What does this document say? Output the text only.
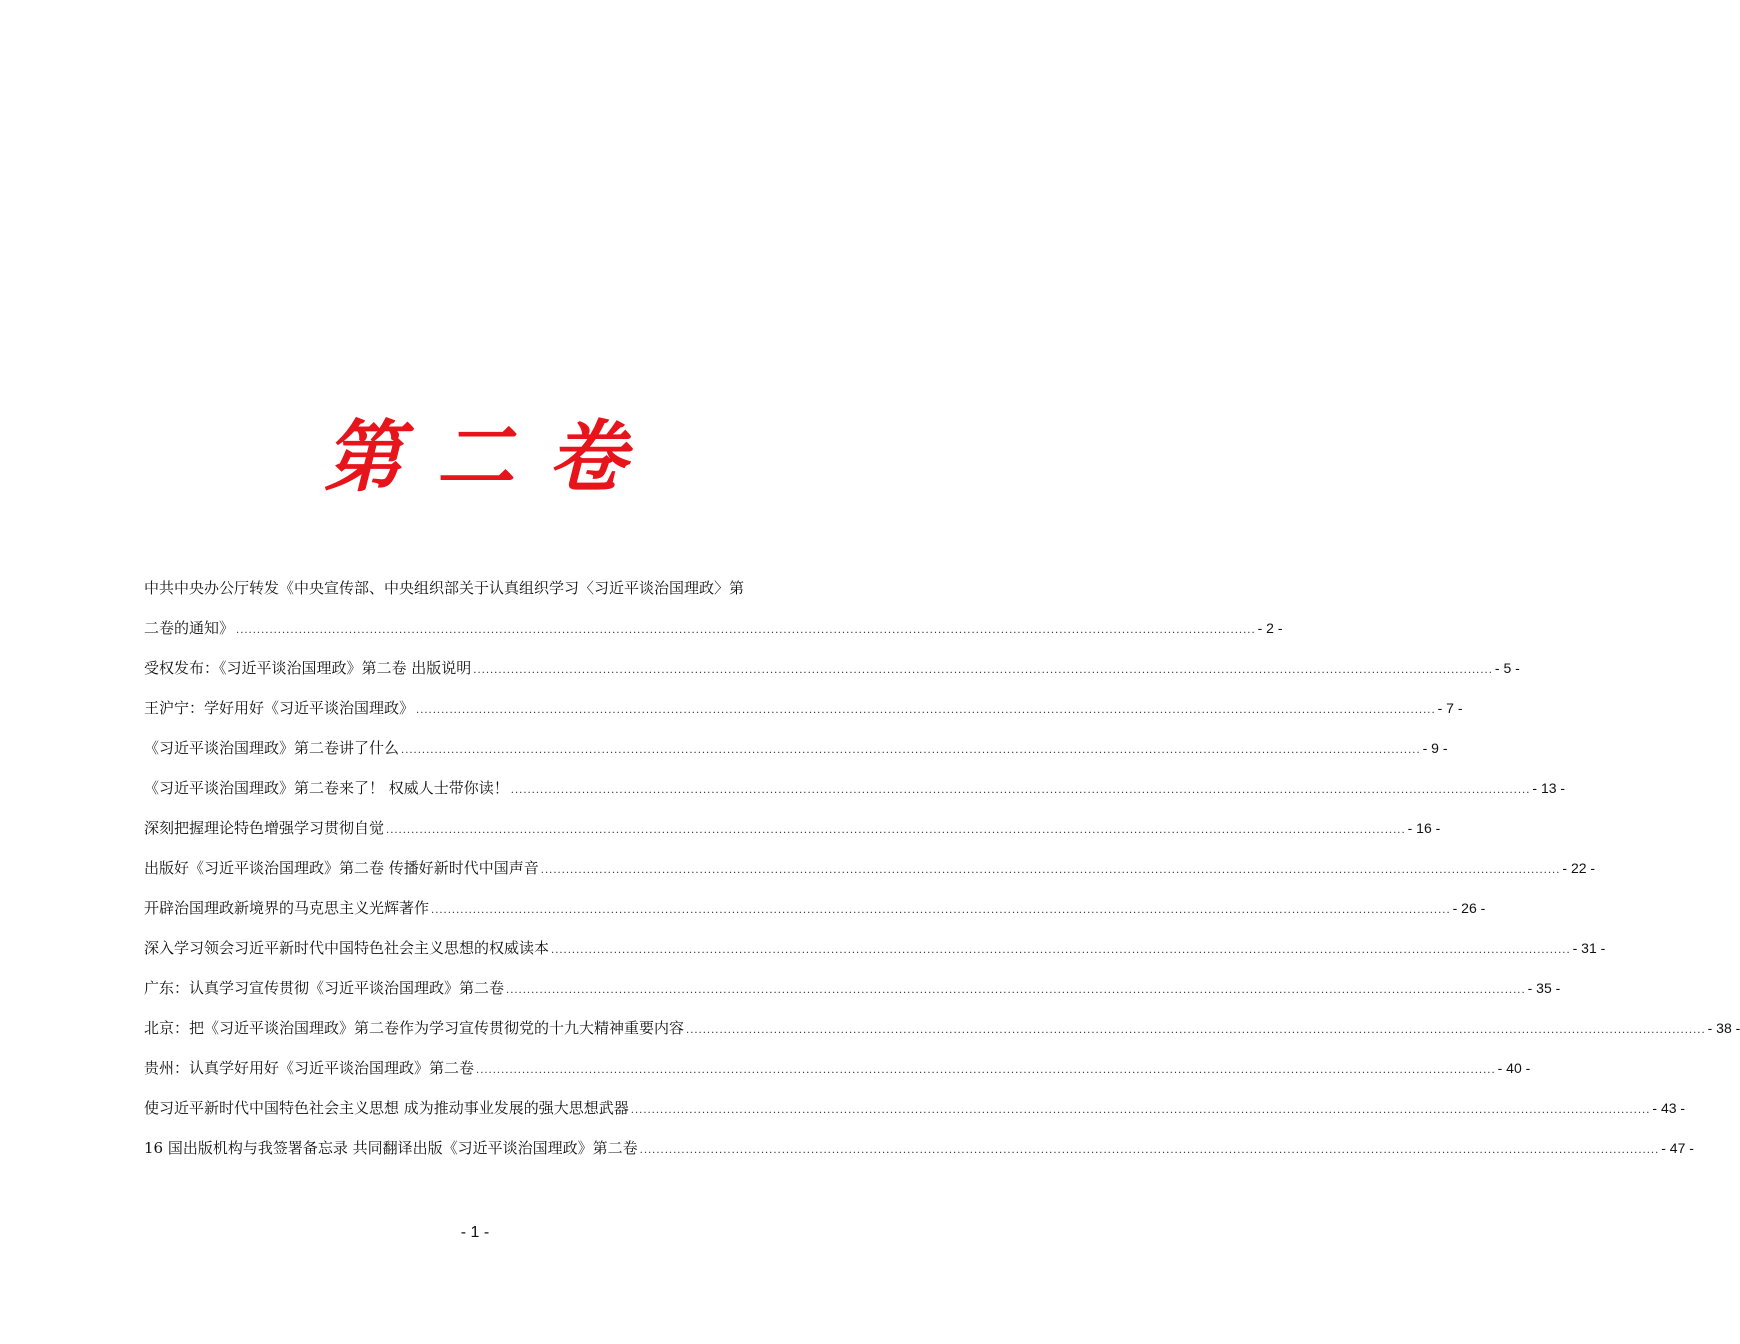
第二卷
中共中央办公厅转发《中央宣传部、中央组织部关于认真组织学习〈习近平谈治国理政〉第
二卷的通知》 .....	- 2 -
受权发布：《习近平谈治国理政》第二卷 出版说明 .....	- 5 -
王沪宁：学好用好《习近平谈治国理政》 .....	- 7 -
《习近平谈治国理政》第二卷讲了什么 .....	- 9 -
《习近平谈治国理政》第二卷来了！ 权威人士带你读！ .....	- 13 -
深刻把握理论特色增强学习贯彻自觉 .....	- 16 -
出版好《习近平谈治国理政》第二卷 传播好新时代中国声音 .....	- 22 -
开辟治国理政新境界的马克思主义光辉著作 .....	- 26 -
深入学习领会习近平新时代中国特色社会主义思想的权威读本 .....	- 31 -
广东：认真学习宣传贯彻《习近平谈治国理政》第二卷 .....	- 35 -
北京：把《习近平谈治国理政》第二卷作为学习宣传贯彻党的十九大精神重要内容 .....	- 38 -
贵州：认真学好用好《习近平谈治国理政》第二卷 .....	- 40 -
使习近平新时代中国特色社会主义思想 成为推动事业发展的强大思想武器 .....	- 43 -
16 国出版机构与我签署备忘录 共同翻译出版《习近平谈治国理政》第二卷 .....	- 47 -
- 1 -
